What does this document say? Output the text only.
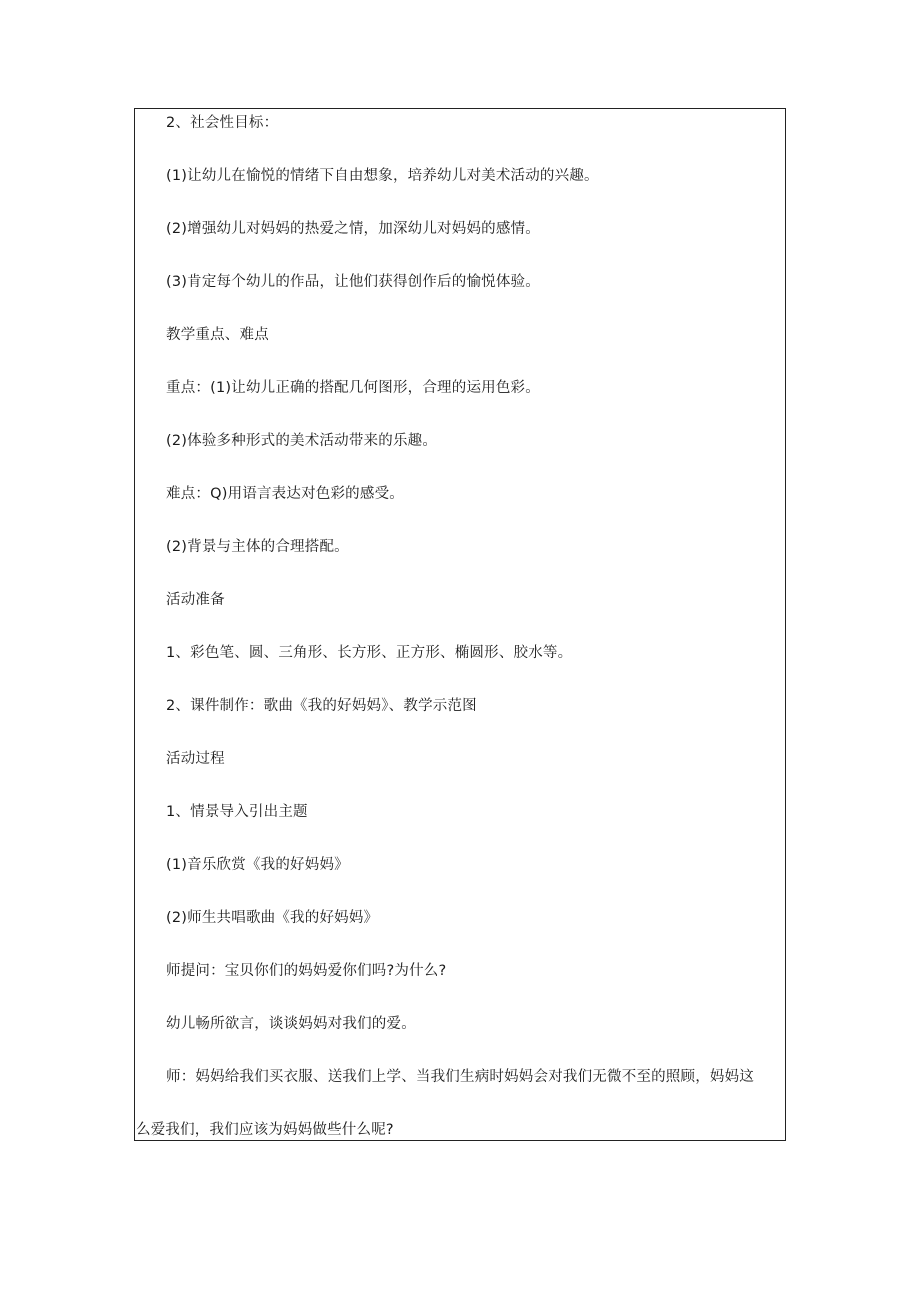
2、社会性目标：
(1)让幼儿在愉悦的情绪下自由想象，培养幼儿对美术活动的兴趣。
(2)增强幼儿对妈妈的热爱之情，加深幼儿对妈妈的感情。
(3)肯定每个幼儿的作品，让他们获得创作后的愉悦体验。
教学重点、难点
重点：(1)让幼儿正确的搭配几何图形，合理的运用色彩。
(2)体验多种形式的美术活动带来的乐趣。
难点：Q)用语言表达对色彩的感受。
(2)背景与主体的合理搭配。
活动准备
1、彩色笔、圆、三角形、长方形、正方形、椭圆形、胶水等。
2、课件制作：歌曲《我的好妈妈》、教学示范图
活动过程
1、情景导入引出主题
(1)音乐欣赏《我的好妈妈》
(2)师生共唱歌曲《我的好妈妈》
师提问：宝贝你们的妈妈爱你们吗?为什么?
幼儿畅所欲言，谈谈妈妈对我们的爱。
师：妈妈给我们买衣服、送我们上学、当我们生病时妈妈会对我们无微不至的照顾，妈妈这
么爱我们，我们应该为妈妈做些什么呢?
